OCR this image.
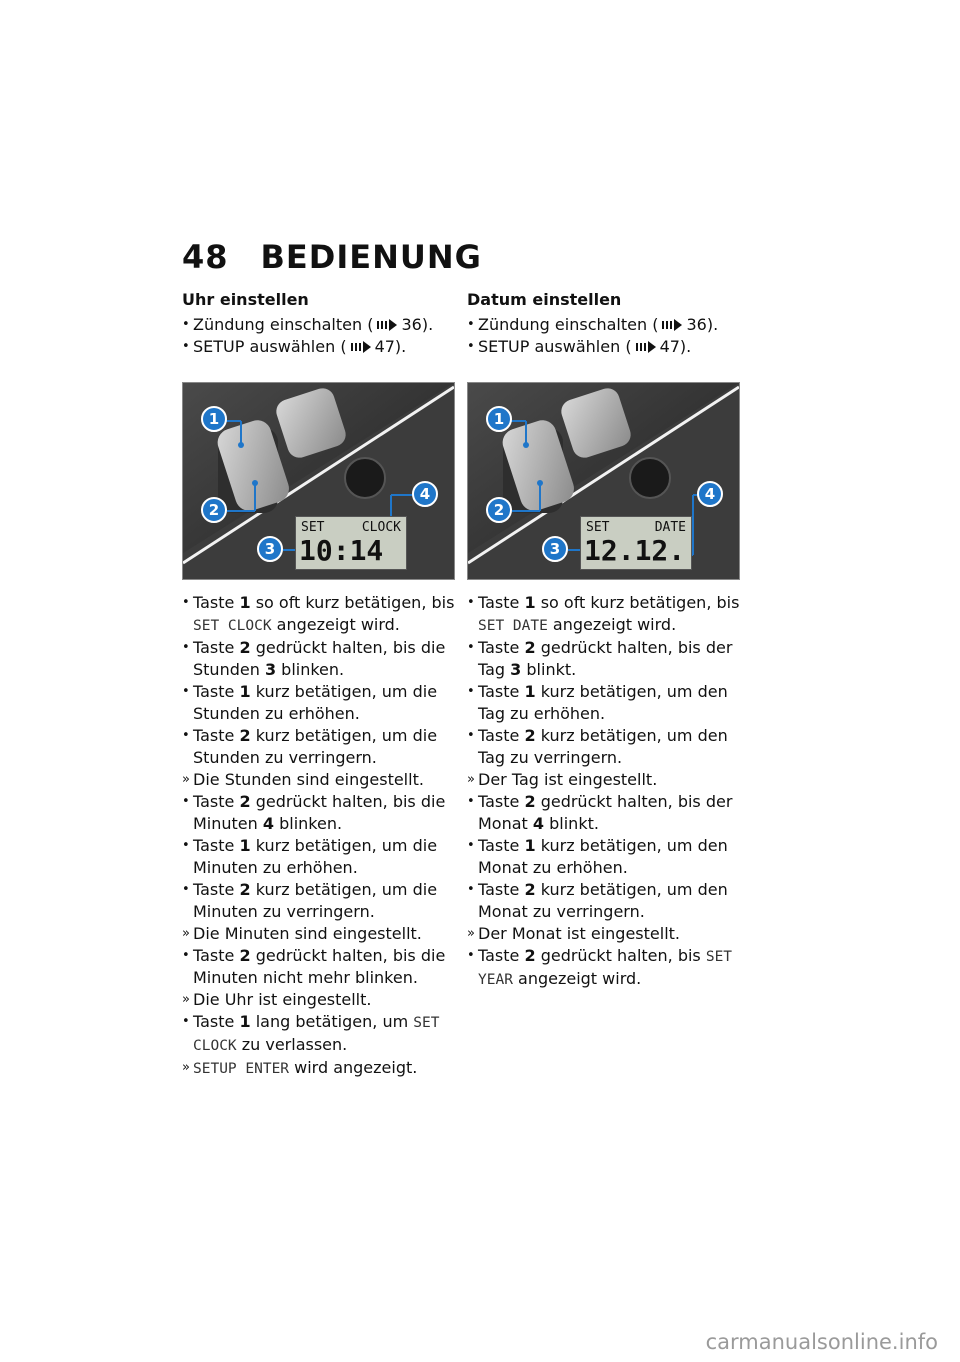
48 BEDIENUNG
Uhr einstellen
• Zündung einschalten ( 36).
• SETUP auswählen ( 47).
SET	CLOCK
10:14
1
2
3
4
• Taste 1 so oft kurz betätigen, bis SET CLOCK angezeigt wird.
• Taste 2 gedrückt halten, bis die Stunden 3 blinken.
• Taste 1 kurz betätigen, um die Stunden zu erhöhen.
• Taste 2 kurz betätigen, um die Stunden zu verringern.
» Die Stunden sind eingestellt.
• Taste 2 gedrückt halten, bis die Minuten 4 blinken.
• Taste 1 kurz betätigen, um die Minuten zu erhöhen.
• Taste 2 kurz betätigen, um die Minuten zu verringern.
» Die Minuten sind eingestellt.
• Taste 2 gedrückt halten, bis die Minuten nicht mehr blinken.
» Die Uhr ist eingestellt.
• Taste 1 lang betätigen, um SET CLOCK zu verlassen.
» SETUP ENTER wird angezeigt.
Datum einstellen
• Zündung einschalten ( 36).
• SETUP auswählen ( 47).
SET	DATE
12.12.
1
2
3
4
• Taste 1 so oft kurz betätigen, bis SET DATE angezeigt wird.
• Taste 2 gedrückt halten, bis der Tag 3 blinkt.
• Taste 1 kurz betätigen, um den Tag zu erhöhen.
• Taste 2 kurz betätigen, um den Tag zu verringern.
» Der Tag ist eingestellt.
• Taste 2 gedrückt halten, bis der Monat 4 blinkt.
• Taste 1 kurz betätigen, um den Monat zu erhöhen.
• Taste 2 kurz betätigen, um den Monat zu verringern.
» Der Monat ist eingestellt.
• Taste 2 gedrückt halten, bis SET YEAR angezeigt wird.
carmanualsonline.info
